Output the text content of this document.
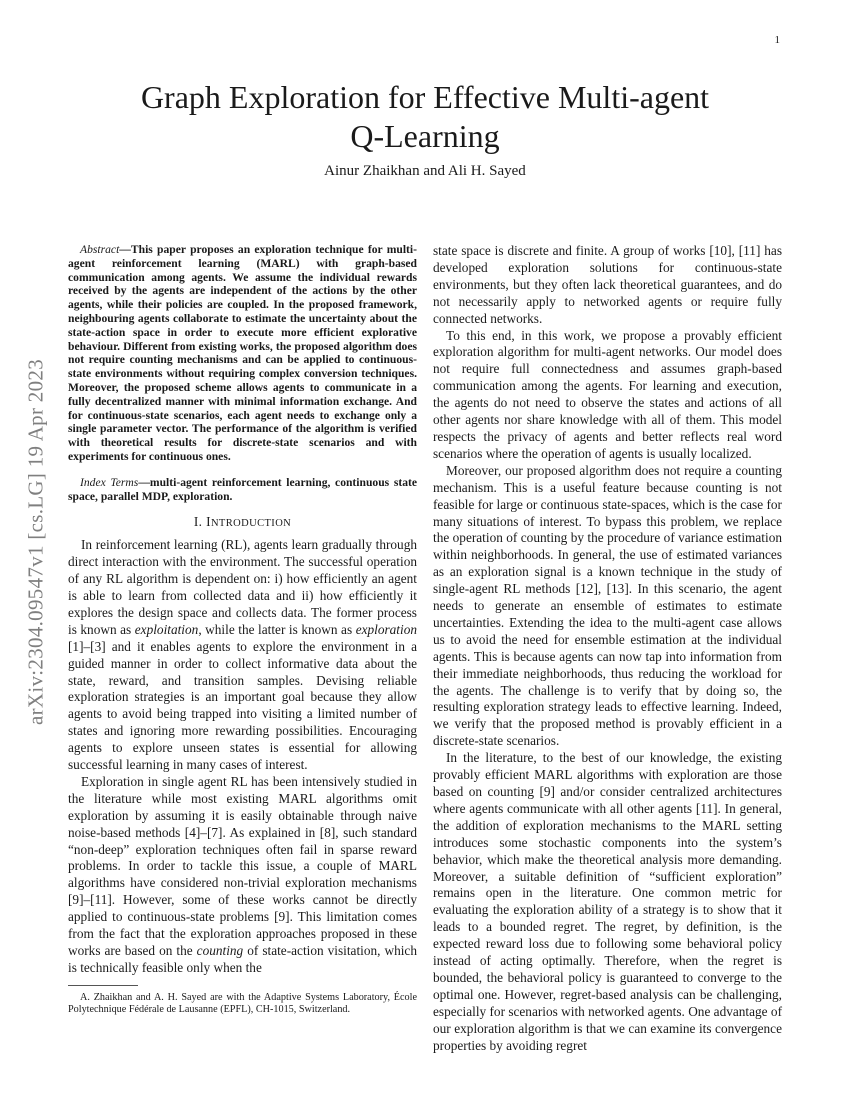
1
arXiv:2304.09547v1 [cs.LG] 19 Apr 2023
Graph Exploration for Effective Multi-agent
Q-Learning
Ainur Zhaikhan and Ali H. Sayed
Abstract—This paper proposes an exploration technique for multi-agent reinforcement learning (MARL) with graph-based communication among agents. We assume the individual rewards received by the agents are independent of the actions by the other agents, while their policies are coupled. In the proposed framework, neighbouring agents collaborate to estimate the uncertainty about the state-action space in order to execute more efficient explorative behaviour. Different from existing works, the proposed algorithm does not require counting mechanisms and can be applied to continuous-state environments without requiring complex conversion techniques. Moreover, the proposed scheme allows agents to communicate in a fully decentralized manner with minimal information exchange. And for continuous-state scenarios, each agent needs to exchange only a single parameter vector. The performance of the algorithm is verified with theoretical results for discrete-state scenarios and with experiments for continuous ones.
Index Terms—multi-agent reinforcement learning, continuous state space, parallel MDP, exploration.
I. INTRODUCTION
In reinforcement learning (RL), agents learn gradually through direct interaction with the environment. The successful operation of any RL algorithm is dependent on: i) how efficiently an agent is able to learn from collected data and ii) how efficiently it explores the design space and collects data. The former process is known as exploitation, while the latter is known as exploration [1]–[3] and it enables agents to explore the environment in a guided manner in order to collect informative data about the state, reward, and transition samples. Devising reliable exploration strategies is an important goal because they allow agents to avoid being trapped into visiting a limited number of states and ignoring more rewarding possibilities. Encouraging agents to explore unseen states is essential for allowing successful learning in many cases of interest.
Exploration in single agent RL has been intensively studied in the literature while most existing MARL algorithms omit exploration by assuming it is easily obtainable through naive noise-based methods [4]–[7]. As explained in [8], such standard “non-deep” exploration techniques often fail in sparse reward problems. In order to tackle this issue, a couple of MARL algorithms have considered non-trivial exploration mechanisms [9]–[11]. However, some of these works cannot be directly applied to continuous-state problems [9]. This limitation comes from the fact that the exploration approaches proposed in these works are based on the counting of state-action visitation, which is technically feasible only when the
A. Zhaikhan and A. H. Sayed are with the Adaptive Systems Laboratory, École Polytechnique Fédérale de Lausanne (EPFL), CH-1015, Switzerland.
state space is discrete and finite. A group of works [10], [11] has developed exploration solutions for continuous-state environments, but they often lack theoretical guarantees, and do not necessarily apply to networked agents or require fully connected networks.
To this end, in this work, we propose a provably efficient exploration algorithm for multi-agent networks. Our model does not require full connectedness and assumes graph-based communication among the agents. For learning and execution, the agents do not need to observe the states and actions of all other agents nor share knowledge with all of them. This model respects the privacy of agents and better reflects real word scenarios where the operation of agents is usually localized.
Moreover, our proposed algorithm does not require a counting mechanism. This is a useful feature because counting is not feasible for large or continuous state-spaces, which is the case for many situations of interest. To bypass this problem, we replace the operation of counting by the procedure of variance estimation within neighborhoods. In general, the use of estimated variances as an exploration signal is a known technique in the study of single-agent RL methods [12], [13]. In this scenario, the agent needs to generate an ensemble of estimates to estimate uncertainties. Extending the idea to the multi-agent case allows us to avoid the need for ensemble estimation at the individual agents. This is because agents can now tap into information from their immediate neighborhoods, thus reducing the workload for the agents. The challenge is to verify that by doing so, the resulting exploration strategy leads to effective learning. Indeed, we verify that the proposed method is provably efficient in a discrete-state scenarios.
In the literature, to the best of our knowledge, the existing provably efficient MARL algorithms with exploration are those based on counting [9] and/or consider centralized architectures where agents communicate with all other agents [11]. In general, the addition of exploration mechanisms to the MARL setting introduces some stochastic components into the system’s behavior, which make the theoretical analysis more demanding. Moreover, a suitable definition of “sufficient exploration” remains open in the literature. One common metric for evaluating the exploration ability of a strategy is to show that it leads to a bounded regret. The regret, by definition, is the expected reward loss due to following some behavioral policy instead of acting optimally. Therefore, when the regret is bounded, the behavioral policy is guaranteed to converge to the optimal one. However, regret-based analysis can be challenging, especially for scenarios with networked agents. One advantage of our exploration algorithm is that we can examine its convergence properties by avoiding regret
